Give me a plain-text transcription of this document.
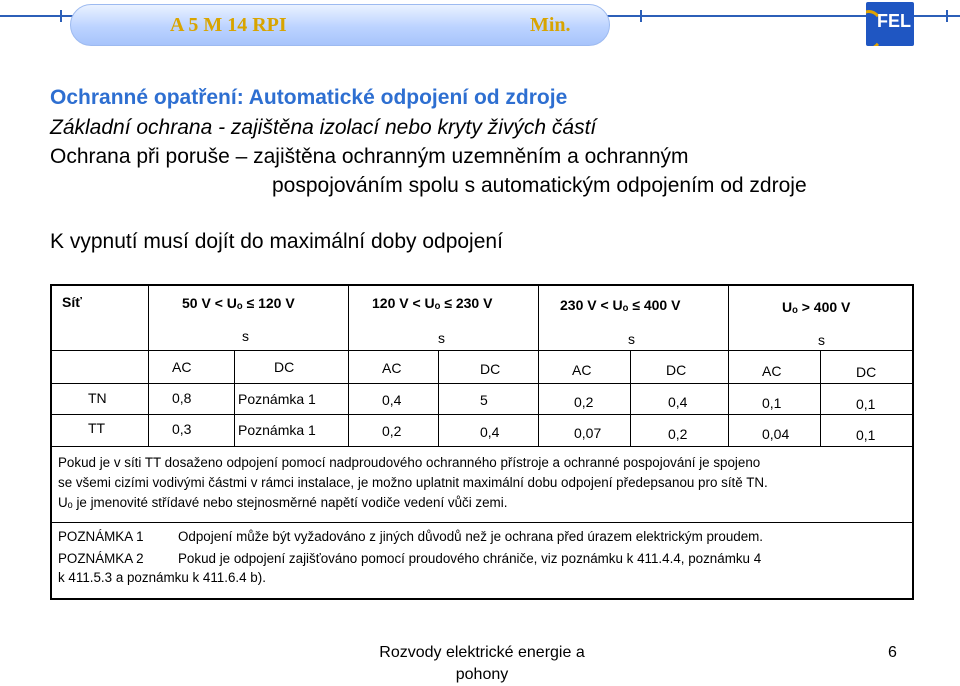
A 5 M 14 RPI	Min.	FEL
Ochranné opatření: Automatické odpojení od zdroje
Základní ochrana - zajištěna izolací nebo kryty živých částí
Ochrana při poruše – zajištěna ochranným uzemněním a ochranným
pospojováním spolu s automatickým odpojením od zdroje
K vypnutí musí dojít do maximální doby odpojení
Síť	50 V < Uₒ ≤ 120 V	120 V < Uₒ ≤ 230 V	230 V < Uₒ ≤ 400 V	Uₒ > 400 V
s	s	s	s
AC	DC	AC	DC	AC	DC	AC	DC
TN	0,8	Poznámka 1	0,4	5	0,2	0,4	0,1	0,1
TT	0,3	Poznámka 1	0,2	0,4	0,07	0,2	0,04	0,1
Pokud je v síti TT dosaženo odpojení pomocí nadproudového ochranného přístroje a ochranné pospojování je spojeno
se všemi cizími vodivými částmi v rámci instalace, je možno uplatnit maximální dobu odpojení předepsanou pro sítě TN.
Uₒ je jmenovité střídavé nebo stejnosměrné napětí vodiče vedení vůči zemi.
POZNÁMKA 1	Odpojení může být vyžadováno z jiných důvodů než je ochrana před úrazem elektrickým proudem.
POZNÁMKA 2	Pokud je odpojení zajišťováno pomocí proudového chrániče, viz poznámku k 411.4.4, poznámku 4
k 411.5.3 a poznámku k 411.6.4 b).
Rozvody elektrické energie a
pohony
6
